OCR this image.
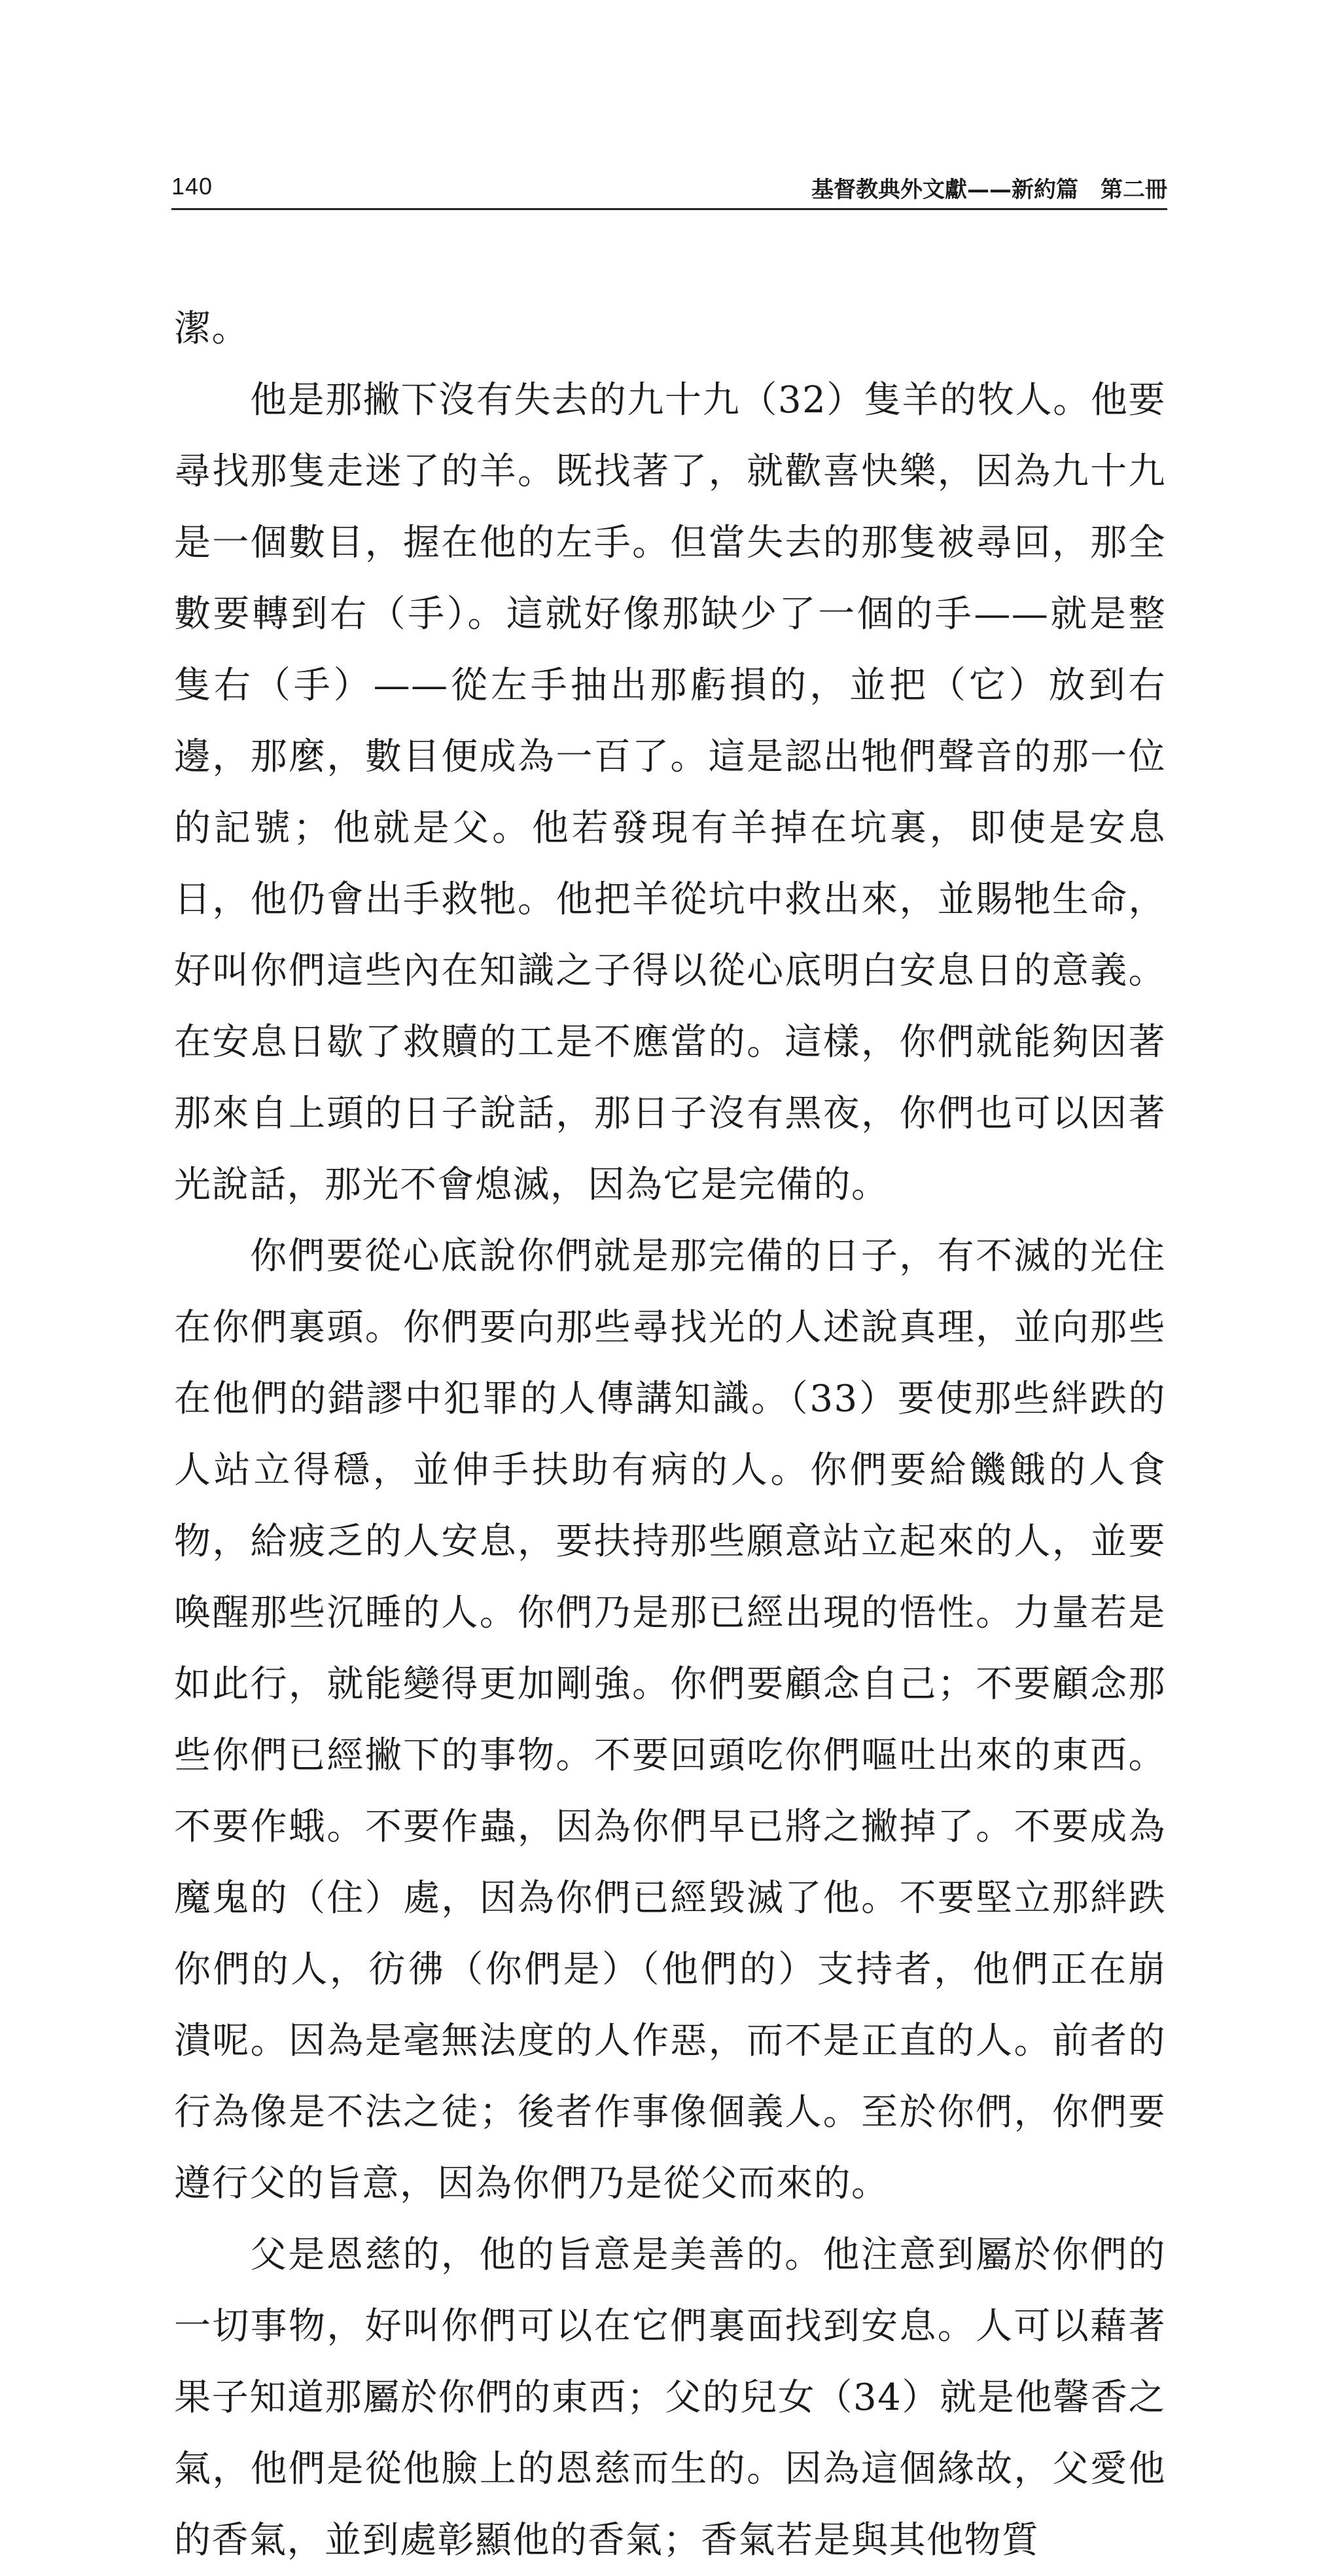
140	基督教典外文獻——新約篇 第二冊

潔。

他是那撇下沒有失去的九十九（32）隻羊的牧人。他要尋找那隻走迷了的羊。既找著了，就歡喜快樂，因為九十九是一個數目，握在他的左手。但當失去的那隻被尋回，那全數要轉到右（手）。這就好像那缺少了一個的手——就是整隻右（手）——從左手抽出那虧損的，並把（它）放到右邊，那麼，數目便成為一百了。這是認出牠們聲音的那一位的記號；他就是父。他若發現有羊掉在坑裏，即使是安息日，他仍會出手救牠。他把羊從坑中救出來，並賜牠生命，好叫你們這些內在知識之子得以從心底明白安息日的意義。在安息日歇了救贖的工是不應當的。這樣，你們就能夠因著那來自上頭的日子說話，那日子沒有黑夜，你們也可以因著光說話，那光不會熄滅，因為它是完備的。

你們要從心底說你們就是那完備的日子，有不滅的光住在你們裏頭。你們要向那些尋找光的人述說真理，並向那些在他們的錯謬中犯罪的人傳講知識。（33）要使那些絆跌的人站立得穩，並伸手扶助有病的人。你們要給饑餓的人食物，給疲乏的人安息，要扶持那些願意站立起來的人，並要喚醒那些沉睡的人。你們乃是那已經出現的悟性。力量若是如此行，就能變得更加剛強。你們要顧念自己；不要顧念那些你們已經撇下的事物。不要回頭吃你們嘔吐出來的東西。不要作蛾。不要作蟲，因為你們早已將之撇掉了。不要成為魔鬼的（住）處，因為你們已經毀滅了他。不要堅立那絆跌你們的人，彷彿（你們是）（他們的）支持者，他們正在崩潰呢。因為是毫無法度的人作惡，而不是正直的人。前者的行為像是不法之徒；後者作事像個義人。至於你們，你們要遵行父的旨意，因為你們乃是從父而來的。

父是恩慈的，他的旨意是美善的。他注意到屬於你們的一切事物，好叫你們可以在它們裏面找到安息。人可以藉著果子知道那屬於你們的東西；父的兒女（34）就是他馨香之氣，他們是從他臉上的恩慈而生的。因為這個緣故，父愛他的香氣，並到處彰顯他的香氣；香氣若是與其他物質
